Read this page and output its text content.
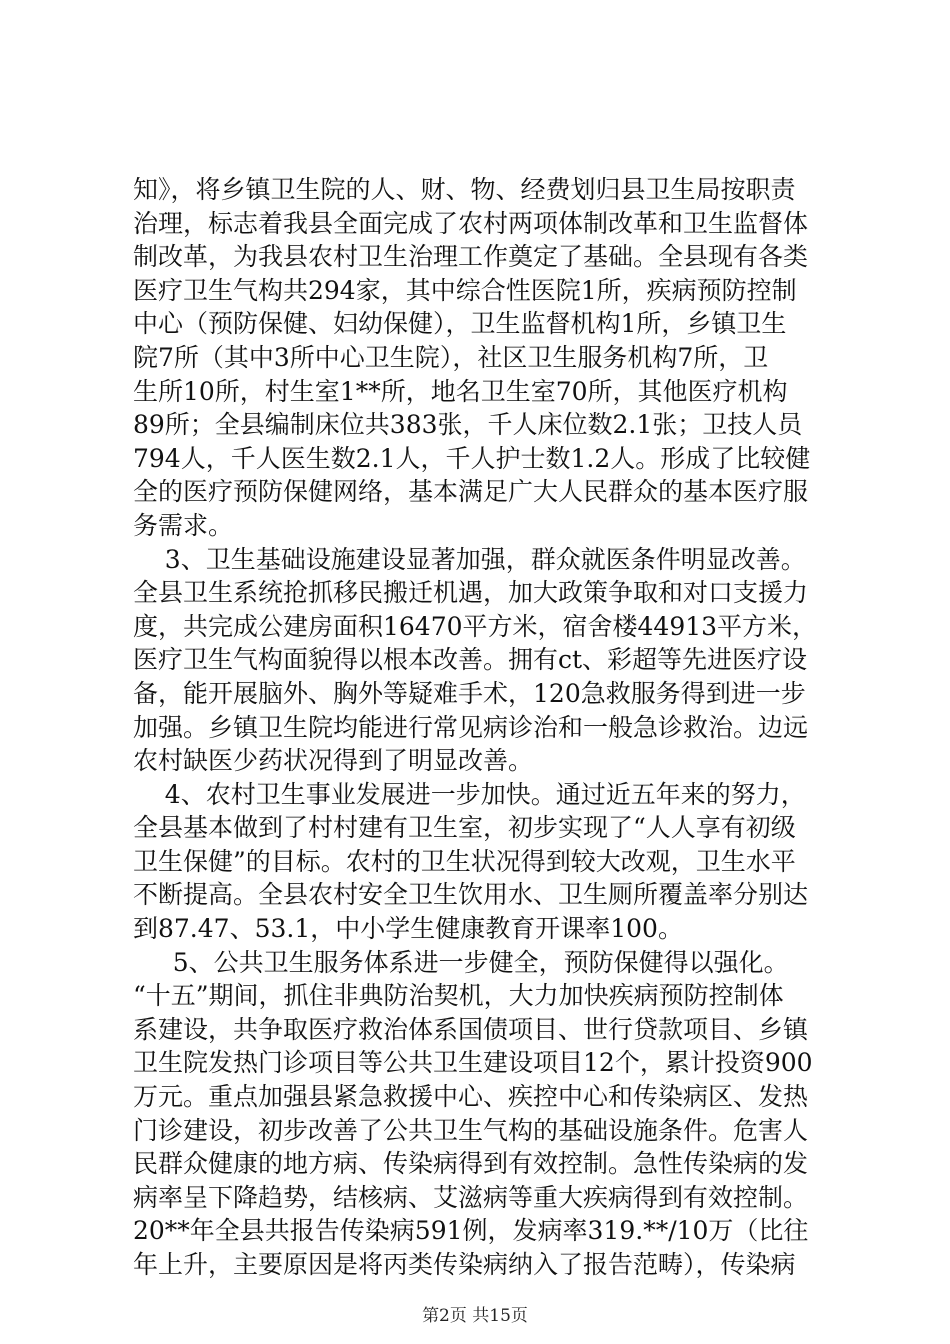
知》，将乡镇卫生院的人、财、物、经费划归县卫生局按职责
治理，标志着我县全面完成了农村两项体制改革和卫生监督体
制改革，为我县农村卫生治理工作奠定了基础。全县现有各类
医疗卫生气构共294家，其中综合性医院1所，疾病预防控制
中心（预防保健、妇幼保健），卫生监督机构1所，乡镇卫生
院7所（其中3所中心卫生院），社区卫生服务机构7所，卫
生所10所，村生室1**所，地名卫生室70所，其他医疗机构
89所；全县编制床位共383张，千人床位数2.1张；卫技人员
794人，千人医生数2.1人，千人护士数1.2人。形成了比较健
全的医疗预防保健网络，基本满足广大人民群众的基本医疗服
务需求。
3、卫生基础设施建设显著加强，群众就医条件明显改善。
全县卫生系统抢抓移民搬迁机遇，加大政策争取和对口支援力
度，共完成公建房面积16470平方米，宿舍楼44913平方米，
医疗卫生气构面貌得以根本改善。拥有ct、彩超等先进医疗设
备，能开展脑外、胸外等疑难手术，120急救服务得到进一步
加强。乡镇卫生院均能进行常见病诊治和一般急诊救治。边远
农村缺医少药状况得到了明显改善。
4、农村卫生事业发展进一步加快。通过近五年来的努力，
全县基本做到了村村建有卫生室，初步实现了“人人享有初级
卫生保健”的目标。农村的卫生状况得到较大改观，卫生水平
不断提高。全县农村安全卫生饮用水、卫生厕所覆盖率分别达
到87.47、53.1，中小学生健康教育开课率100。
5、公共卫生服务体系进一步健全，预防保健得以强化。
“十五”期间，抓住非典防治契机，大力加快疾病预防控制体
系建设，共争取医疗救治体系国债项目、世行贷款项目、乡镇
卫生院发热门诊项目等公共卫生建设项目12个，累计投资900
万元。重点加强县紧急救援中心、疾控中心和传染病区、发热
门诊建设，初步改善了公共卫生气构的基础设施条件。危害人
民群众健康的地方病、传染病得到有效控制。急性传染病的发
病率呈下降趋势，结核病、艾滋病等重大疾病得到有效控制。
20**年全县共报告传染病591例，发病率319.**/10万（比往
年上升，主要原因是将丙类传染病纳入了报告范畴），传染病
第2页 共15页
